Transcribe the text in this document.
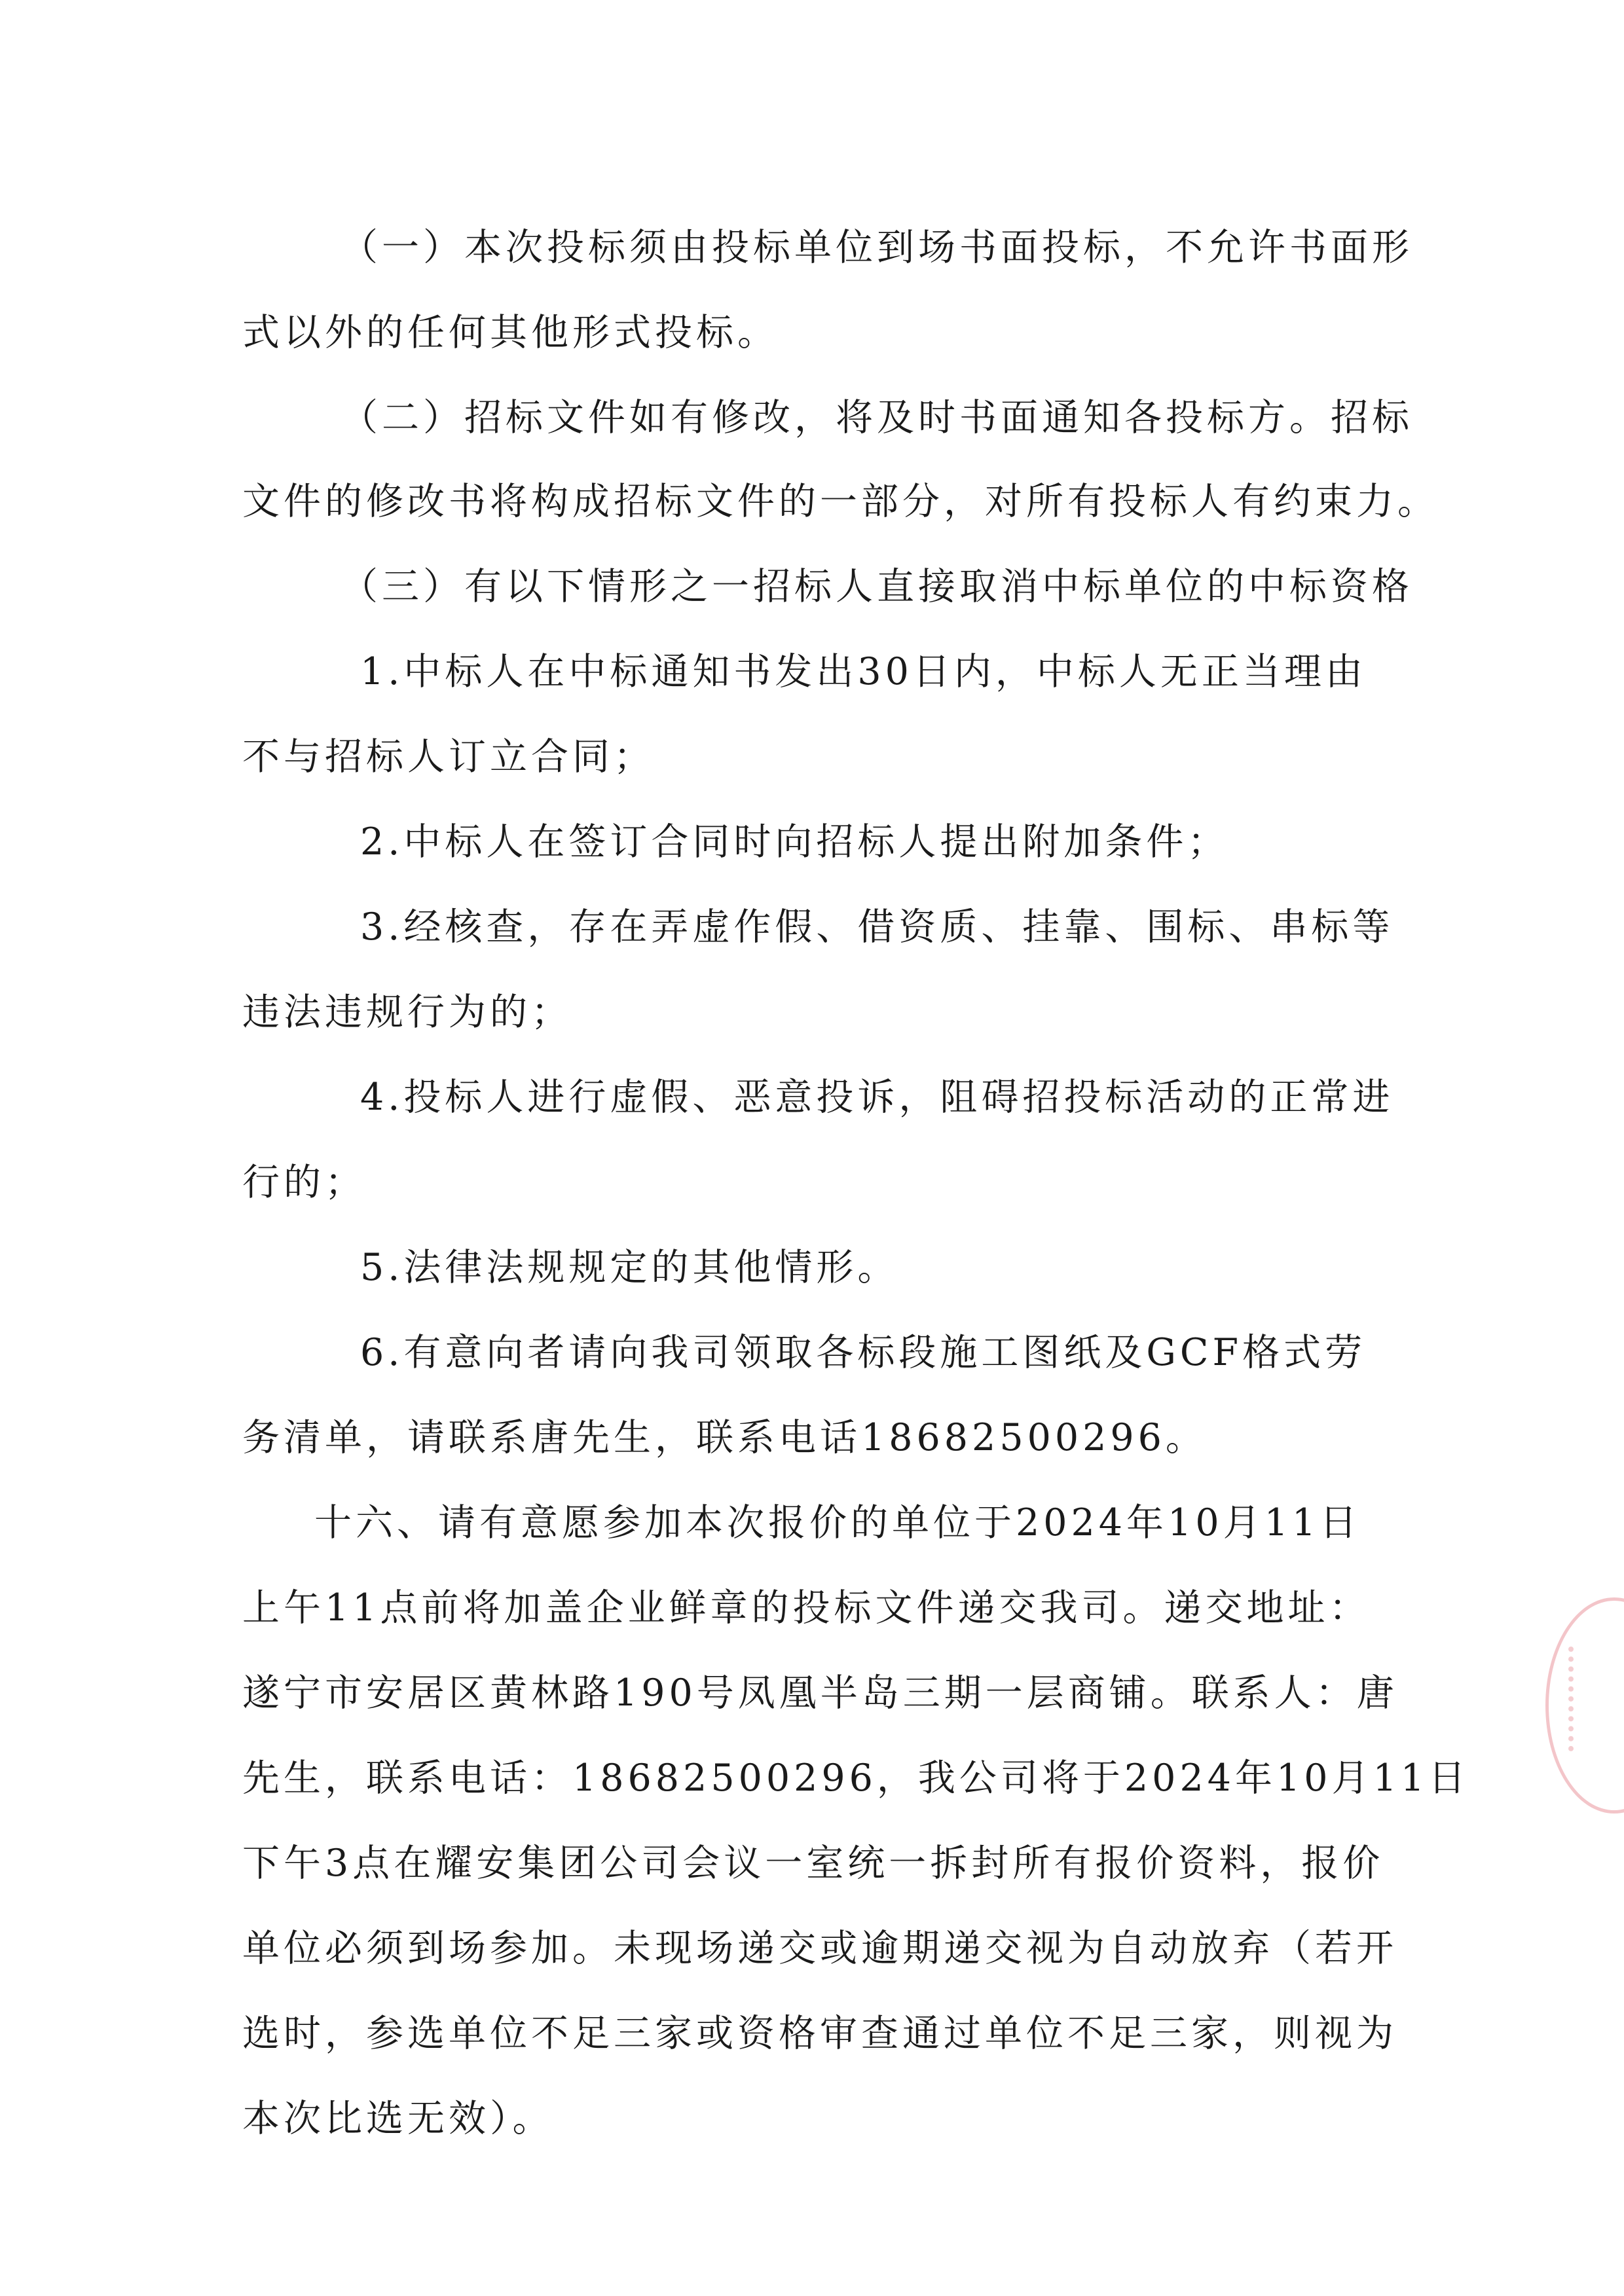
（一）本次投标须由投标单位到场书面投标，不允许书面形
式以外的任何其他形式投标。
（二）招标文件如有修改，将及时书面通知各投标方。招标
文件的修改书将构成招标文件的一部分，对所有投标人有约束力。
（三）有以下情形之一招标人直接取消中标单位的中标资格
1.中标人在中标通知书发出30日内，中标人无正当理由
不与招标人订立合同；
2.中标人在签订合同时向招标人提出附加条件；
3.经核查，存在弄虚作假、借资质、挂靠、围标、串标等
违法违规行为的；
4.投标人进行虚假、恶意投诉，阻碍招投标活动的正常进
行的；
5.法律法规规定的其他情形。
6.有意向者请向我司领取各标段施工图纸及GCF格式劳
务清单，请联系唐先生，联系电话18682500296。
十六、请有意愿参加本次报价的单位于2024年10月11日
上午11点前将加盖企业鲜章的投标文件递交我司。递交地址：
遂宁市安居区黄林路190号凤凰半岛三期一层商铺。联系人：唐
先生，联系电话：18682500296，我公司将于2024年10月11日
下午3点在耀安集团公司会议一室统一拆封所有报价资料，报价
单位必须到场参加。未现场递交或逾期递交视为自动放弃（若开
选时，参选单位不足三家或资格审查通过单位不足三家，则视为
本次比选无效）。
